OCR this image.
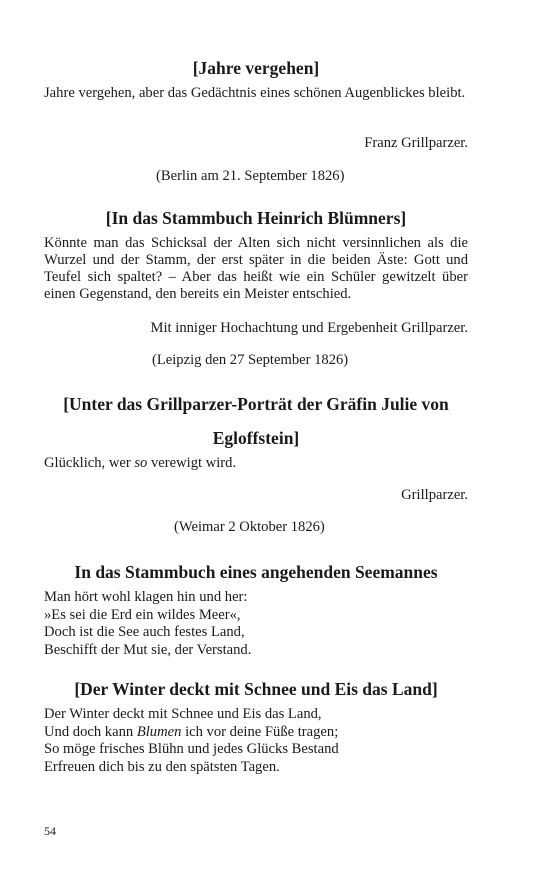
[Jahre vergehen]
Jahre vergehen, aber das Gedächtnis eines schönen Augenblickes bleibt.
Franz Grillparzer.
(Berlin am 21. September 1826)
[In das Stammbuch Heinrich Blümners]
Könnte man das Schicksal der Alten sich nicht versinnlichen als die Wurzel und der Stamm, der erst später in die beiden Äste: Gott und Teufel sich spaltet? – Aber das heißt wie ein Schüler gewitzelt über einen Gegenstand, den bereits ein Meister entschied.
Mit inniger Hochachtung und Ergebenheit Grillparzer.
(Leipzig den 27 September 1826)
[Unter das Grillparzer-Porträt der Gräfin Julie von
Egloffstein]
Glücklich, wer so verewigt wird.
Grillparzer.
(Weimar 2 Oktober 1826)
In das Stammbuch eines angehenden Seemannes
Man hört wohl klagen hin und her:
»Es sei die Erd ein wildes Meer«,
Doch ist die See auch festes Land,
Beschifft der Mut sie, der Verstand.
[Der Winter deckt mit Schnee und Eis das Land]
Der Winter deckt mit Schnee und Eis das Land,
Und doch kann Blumen ich vor deine Füße tragen;
So möge frisches Blühn und jedes Glücks Bestand
Erfreuen dich bis zu den spätsten Tagen.
54
